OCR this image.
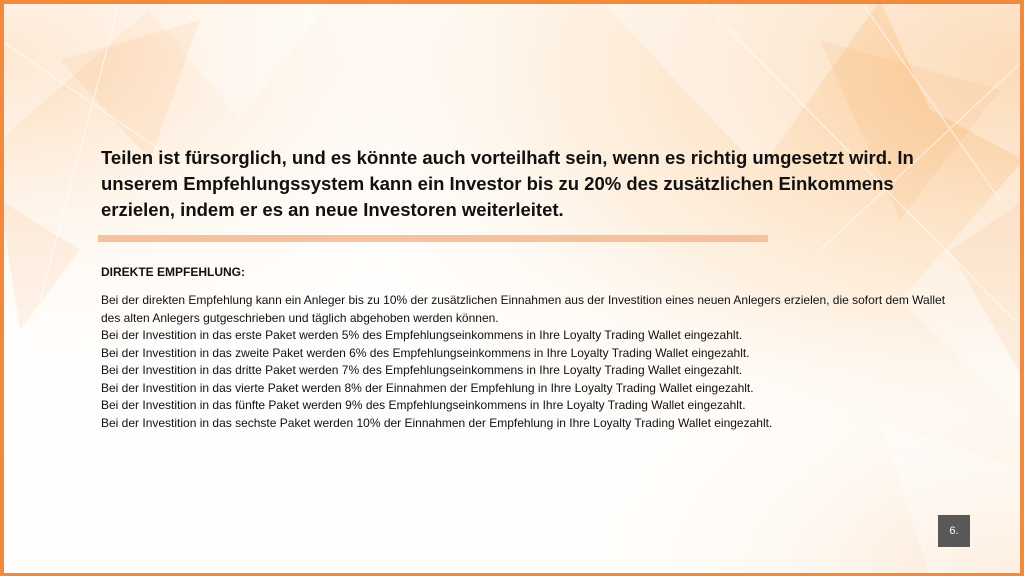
Teilen ist fürsorglich, und es könnte auch vorteilhaft sein, wenn es richtig umgesetzt wird. In unserem Empfehlungssystem kann ein Investor bis zu 20% des zusätzlichen Einkommens erzielen, indem er es an neue Investoren weiterleitet.

DIREKTE EMPFEHLUNG:

Bei der direkten Empfehlung kann ein Anleger bis zu 10% der zusätzlichen Einnahmen aus der Investition eines neuen Anlegers erzielen, die sofort dem Wallet des alten Anlegers gutgeschrieben und täglich abgehoben werden können.

Bei der Investition in das erste Paket werden 5% des Empfehlungseinkommens in Ihre Loyalty Trading Wallet eingezahlt.

Bei der Investition in das zweite Paket werden 6% des Empfehlungseinkommens in Ihre Loyalty Trading Wallet eingezahlt.

Bei der Investition in das dritte Paket werden 7% des Empfehlungseinkommens in Ihre Loyalty Trading Wallet eingezahlt.

Bei der Investition in das vierte Paket werden 8% der Einnahmen der Empfehlung in Ihre Loyalty Trading Wallet eingezahlt.

Bei der Investition in das fünfte Paket werden 9% des Empfehlungseinkommens in Ihre Loyalty Trading Wallet eingezahlt.

Bei der Investition in das sechste Paket werden 10% der Einnahmen der Empfehlung in Ihre Loyalty Trading Wallet eingezahlt.

6.
